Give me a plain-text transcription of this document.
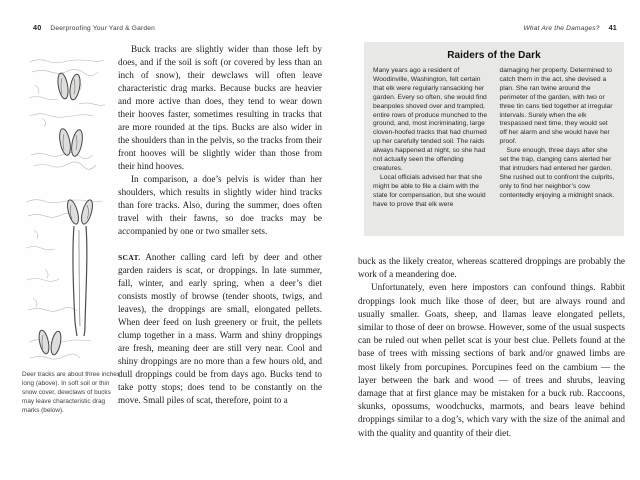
40 Deerproofing Your Yard & Garden	What Are the Damages? 41
Deer tracks are about three inches long (above). In soft soil or thin snow cover, dewclaws of bucks may leave characteristic drag marks (below).

Buck tracks are slightly wider than those left by does, and if the soil is soft (or covered by less than an inch of snow), their dewclaws will often leave characteristic drag marks. Because bucks are heavier and more active than does, they tend to wear down their hooves faster, sometimes resulting in tracks that are more rounded at the tips. Bucks are also wider in the shoulders than in the pelvis, so the tracks from their front hooves will be slightly wider than those from their hind hooves.

In comparison, a doe’s pelvis is wider than her shoulders, which results in slightly wider hind tracks than fore tracks. Also, during the summer, does often travel with their fawns, so doe tracks may be accompanied by one or two smaller sets.

SCAT. Another calling card left by deer and other garden raiders is scat, or droppings. In late summer, fall, winter, and early spring, when a deer’s diet consists mostly of browse (tender shoots, twigs, and leaves), the droppings are small, elongated pellets. When deer feed on lush greenery or fruit, the pellets clump together in a mass. Warm and shiny droppings are fresh, meaning deer are still very near. Cool and shiny droppings are no more than a few hours old, and dull droppings could be from days ago. Bucks tend to take potty stops; does tend to be constantly on the move. Small piles of scat, therefore, point to a

Raiders of the Dark

Many years ago a resident of Woodinville, Washington, felt certain that elk were regularly ransacking her garden. Every so often, she would find beanpoles shoved over and trampled, entire rows of produce munched to the ground, and, most incriminating, large cloven-hoofed tracks that had churned up her carefully tended soil. The raids always happened at night, so she had not actually seen the offending creatures.

Local officials advised her that she might be able to file a claim with the state for compensation, but she would have to prove that elk were

damaging her property. Determined to catch them in the act, she devised a plan. She ran twine around the perimeter of the garden, with two or three tin cans tied together at irregular intervals. Surely when the elk trespassed next time, they would set off her alarm and she would have her proof.

Sure enough, three days after she set the trap, clanging cans alerted her that intruders had entered her garden. She rushed out to confront the culprits, only to find her neighbor’s cow contentedly enjoying a midnight snack.

buck as the likely creator, whereas scattered droppings are probably the work of a meandering doe.

Unfortunately, even here impostors can confound things. Rabbit droppings look much like those of deer, but are always round and usually smaller. Goats, sheep, and llamas leave elongated pellets, similar to those of deer on browse. However, some of the usual suspects can be ruled out when pellet scat is your best clue. Pellets found at the base of trees with missing sections of bark and/or gnawed limbs are most likely from porcupines. Porcupines feed on the cambium — the layer between the bark and wood — of trees and shrubs, leaving damage that at first glance may be mistaken for a buck rub. Raccoons, skunks, opossums, woodchucks, marmots, and bears leave behind droppings similar to a dog’s, which vary with the size of the animal and with the quality and quantity of their diet.
